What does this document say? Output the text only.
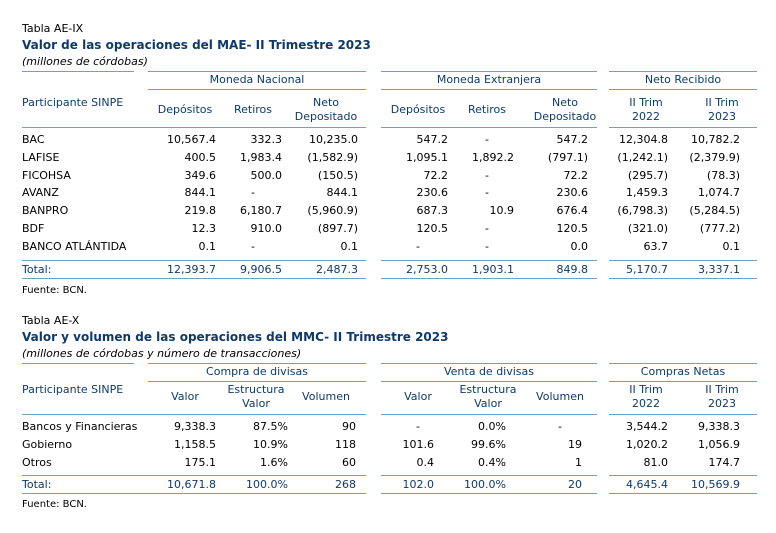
Tabla AE-IX
Valor de las operaciones del MAE- II Trimestre 2023
(millones de córdobas)
Moneda Nacional	Moneda Extranjera	Neto Recibido
Participante SINPE
Depósitos	Retiros
Neto
Depositado
Depósitos	Retiros
Neto
Depositado
II Trim
2022
II Trim
2023
BAC	10,567.4	332.3	10,235.0	547.2	-	547.2	12,304.8	10,782.2
LAFISE	400.5	1,983.4	(1,582.9)	1,095.1	1,892.2	(797.1)	(1,242.1)	(2,379.9)
FICOHSA	349.6	500.0	(150.5)	72.2	-	72.2	(295.7)	(78.3)
AVANZ	844.1	-	844.1	230.6	-	230.6	1,459.3	1,074.7
BANPRO	219.8	6,180.7	(5,960.9)	687.3	10.9	676.4	(6,798.3)	(5,284.5)
BDF	12.3	910.0	(897.7)	120.5	-	120.5	(321.0)	(777.2)
BANCO ATLÁNTIDA	0.1	-	0.1	-	-	0.0	63.7	0.1
Total:	12,393.7	9,906.5	2,487.3	2,753.0	1,903.1	849.8	5,170.7	3,337.1
Fuente: BCN.
Tabla AE-X
Valor y volumen de las operaciones del MMC- II Trimestre 2023
(millones de córdobas y número de transacciones)
Compra de divisas	Venta de divisas	Compras Netas
Participante SINPE
Valor
Estructura
Valor
Volumen	Valor
Estructura
Valor
Volumen
II Trim
2022
II Trim
2023
Bancos y Financieras	9,338.3	87.5%	90	-	0.0%	-	3,544.2	9,338.3
Gobierno	1,158.5	10.9%	118	101.6	99.6%	19	1,020.2	1,056.9
Otros	175.1	1.6%	60	0.4	0.4%	1	81.0	174.7
Total:	10,671.8	100.0%	268	102.0	100.0%	20	4,645.4	10,569.9
Fuente: BCN.
